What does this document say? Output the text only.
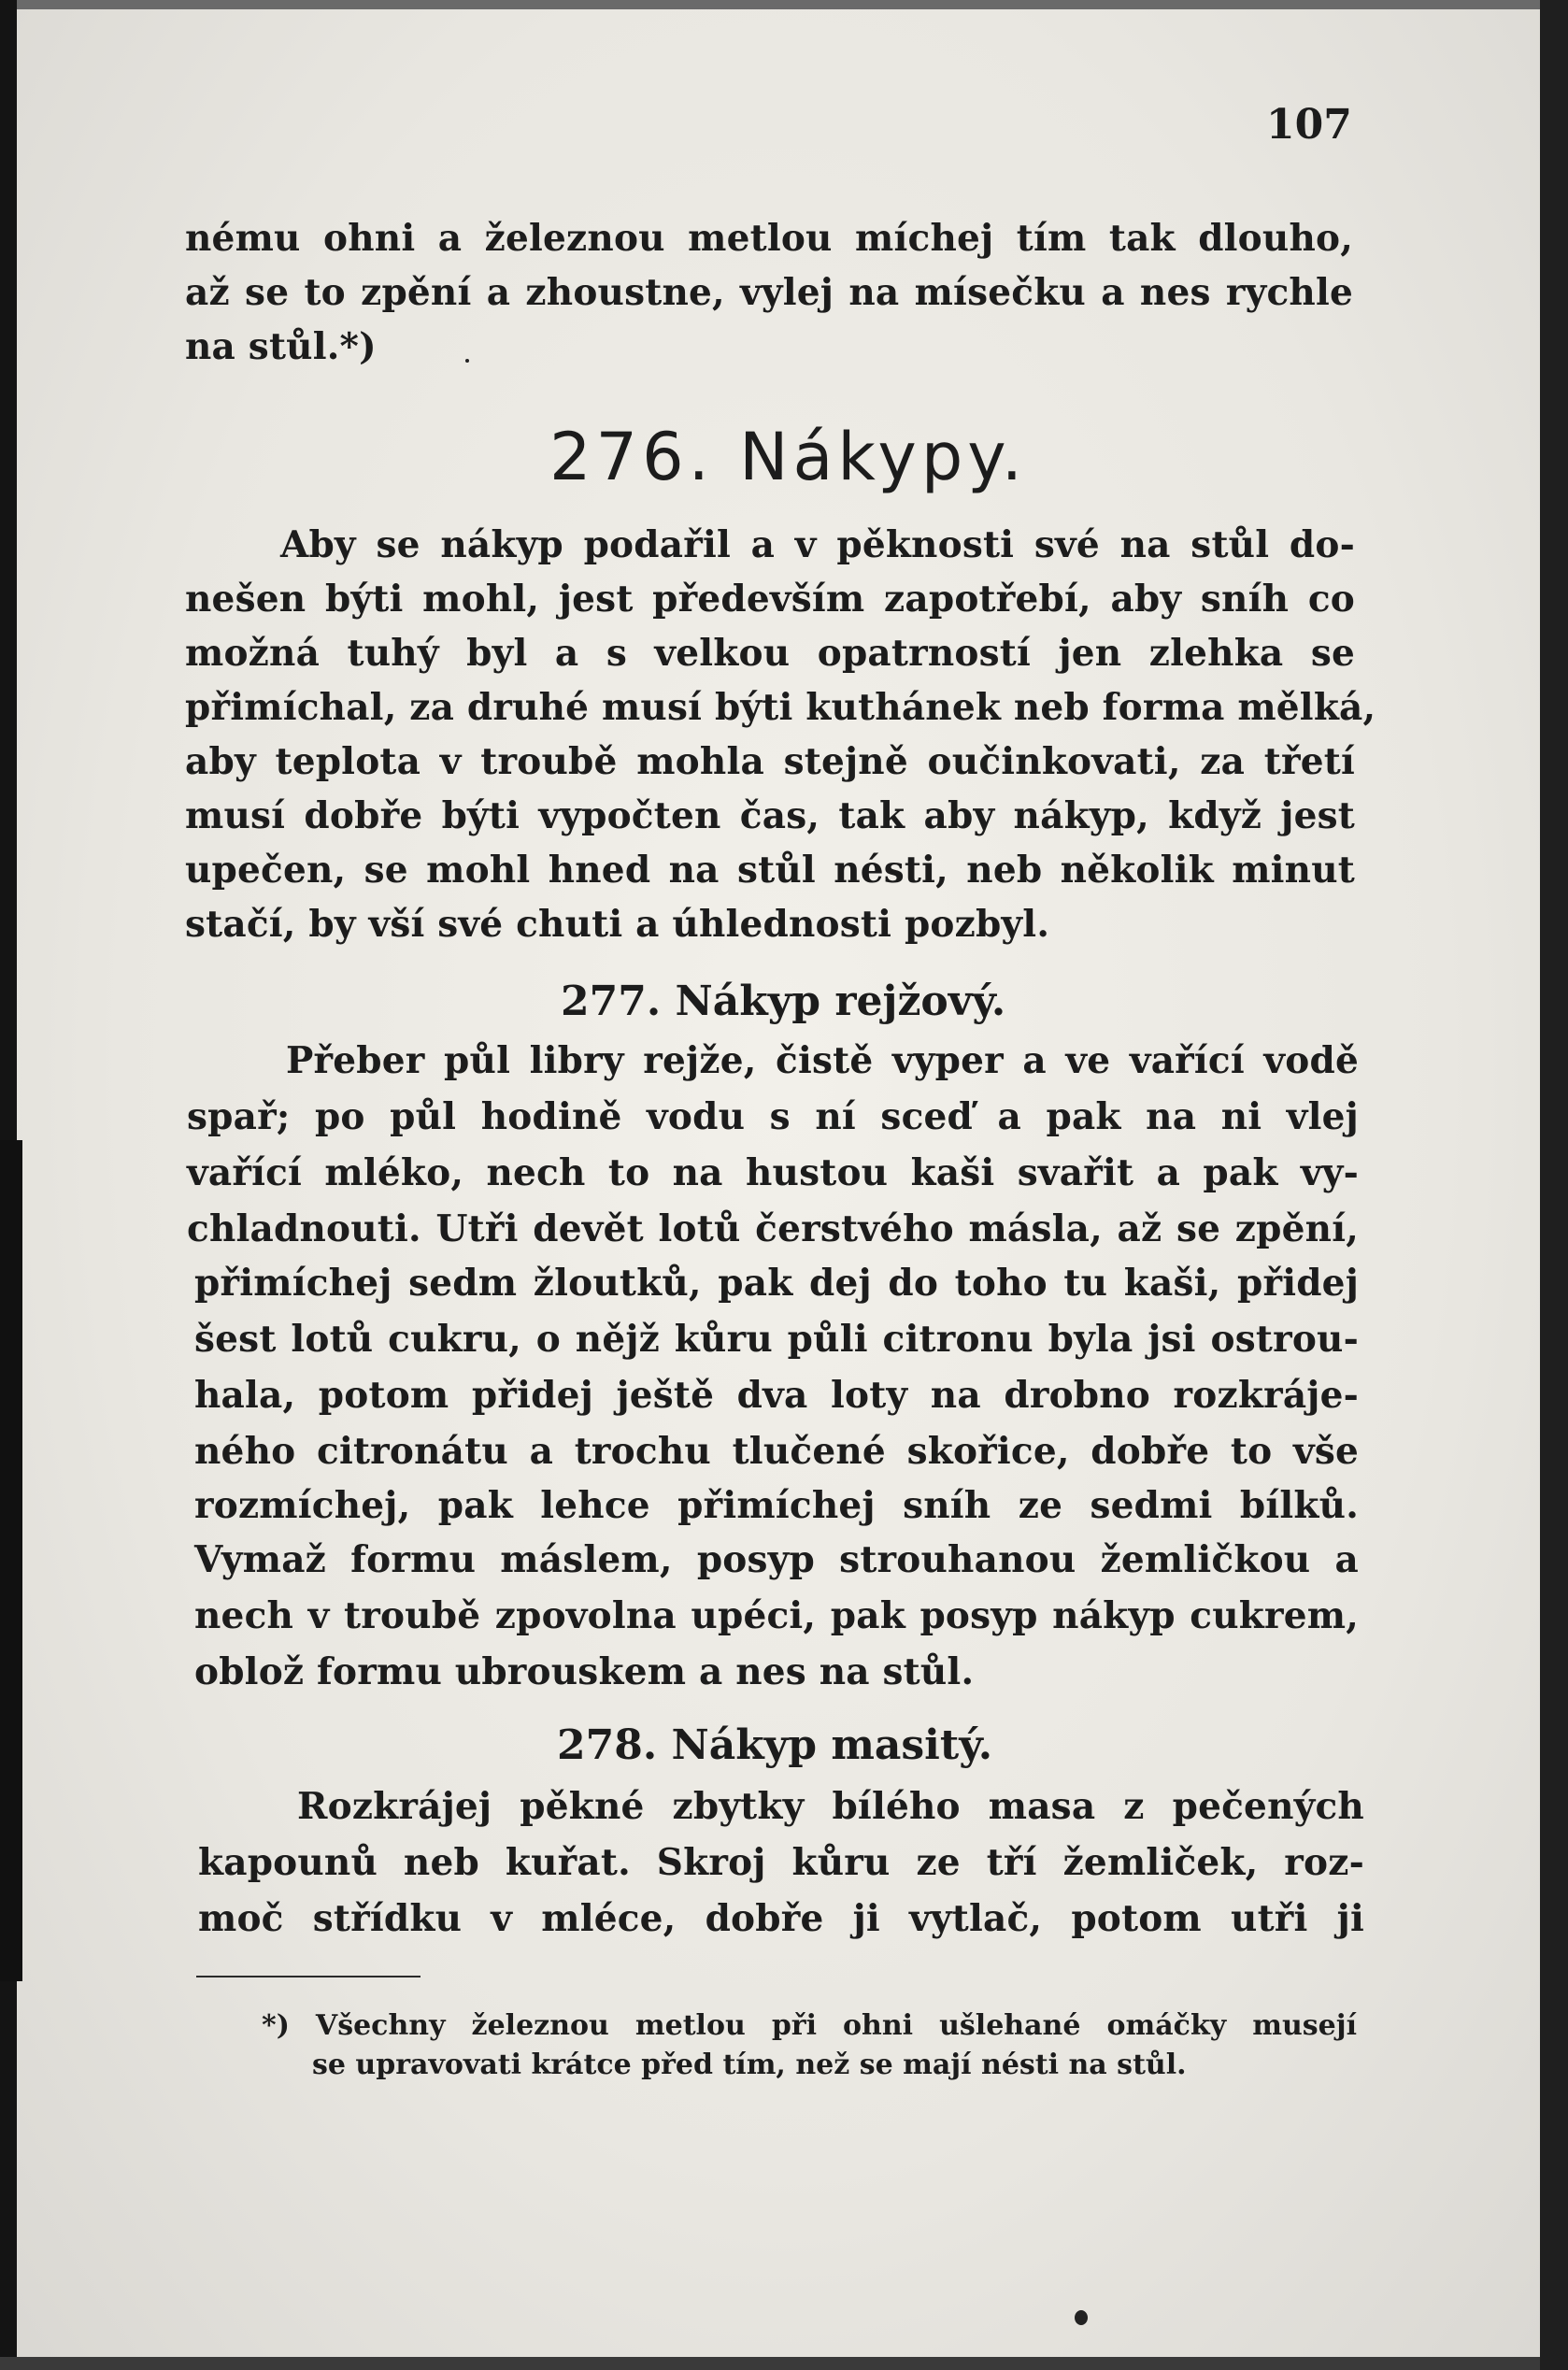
107
nému ohni a železnou metlou míchej tím tak dlouho,
až se to zpění a zhoustne, vylej na mísečku a nes rychle
na stůl.*)
276. Nákypy.
Aby se nákyp podařil a v pěknosti své na stůl do-
nešen býti mohl, jest především zapotřebí, aby sníh co
možná tuhý byl a s velkou opatrností jen zlehka se
přimíchal, za druhé musí býti kuthánek neb forma mělká,
aby teplota v troubě mohla stejně oučinkovati, za třetí
musí dobře býti vypočten čas, tak aby nákyp, když jest
upečen, se mohl hned na stůl nésti, neb několik minut
stačí, by vší své chuti a úhlednosti pozbyl.
277. Nákyp rejžový.
Přeber půl libry rejže, čistě vyper a ve vařící vodě
spař; po půl hodině vodu s ní sceď a pak na ni vlej
vařící mléko, nech to na hustou kaši svařit a pak vy-
chladnouti. Utři devět lotů čerstvého másla, až se zpění,
přimíchej sedm žloutků, pak dej do toho tu kaši, přidej
šest lotů cukru, o nějž kůru půli citronu byla jsi ostrou-
hala, potom přidej ještě dva loty na drobno rozkrájе-
ného citronátu a trochu tlučené skořice, dobře to vše
rozmíchej, pak lehce přimíchej sníh ze sedmi bílků.
Vymaž formu máslem, posyp strouhanou žemličkou a
nech v troubě zpovolna upéci, pak posyp nákyp cukrem,
oblož formu ubrouskem a nes na stůl.
278. Nákyp masitý.
Rozkrájej pěkné zbytky bílého masa z pečených
kapounů neb kuřat. Skroj kůru ze tří žemliček, roz-
moč střídku v mléce, dobře ji vytlač, potom utři ji
*) Všechny železnou metlou při ohni ušlehané omáčky musejí
se upravovati krátce před tím, než se mají nésti na stůl.
